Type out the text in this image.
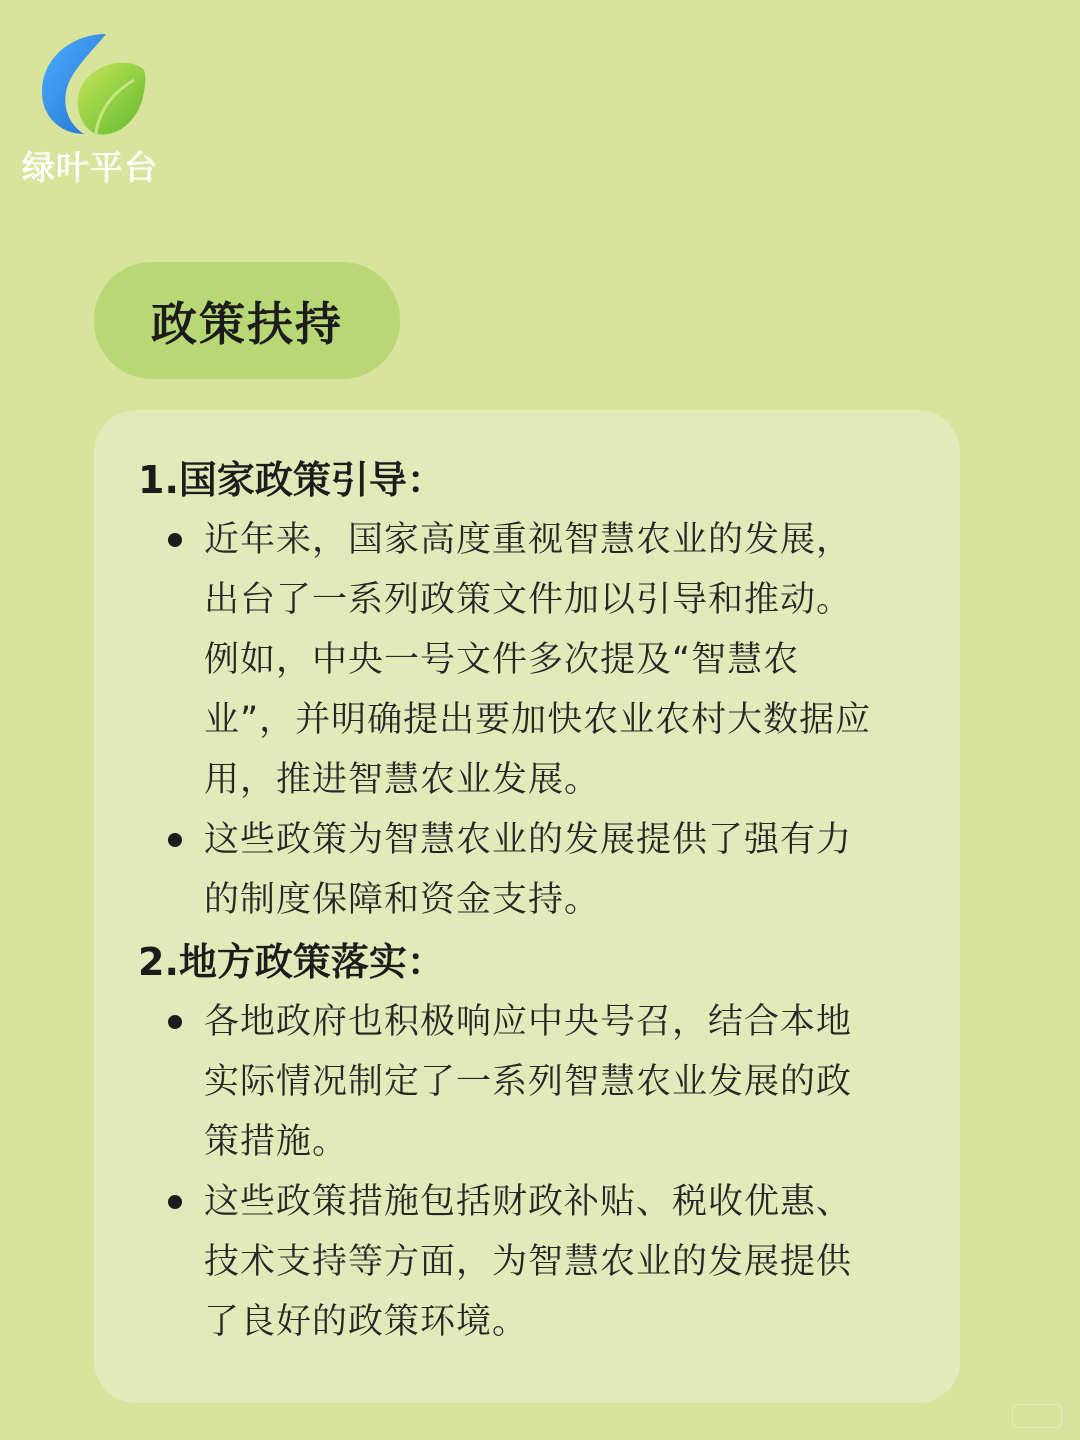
绿叶平台
政策扶持
1.国家政策引导：
近年来，国家高度重视智慧农业的发展，
出台了一系列政策文件加以引导和推动。
例如，中央一号文件多次提及“智慧农
业”，并明确提出要加快农业农村大数据应
用，推进智慧农业发展。
这些政策为智慧农业的发展提供了强有力
的制度保障和资金支持。
2.地方政策落实：
各地政府也积极响应中央号召，结合本地
实际情况制定了一系列智慧农业发展的政
策措施。
这些政策措施包括财政补贴、税收优惠、
技术支持等方面，为智慧农业的发展提供
了良好的政策环境。
